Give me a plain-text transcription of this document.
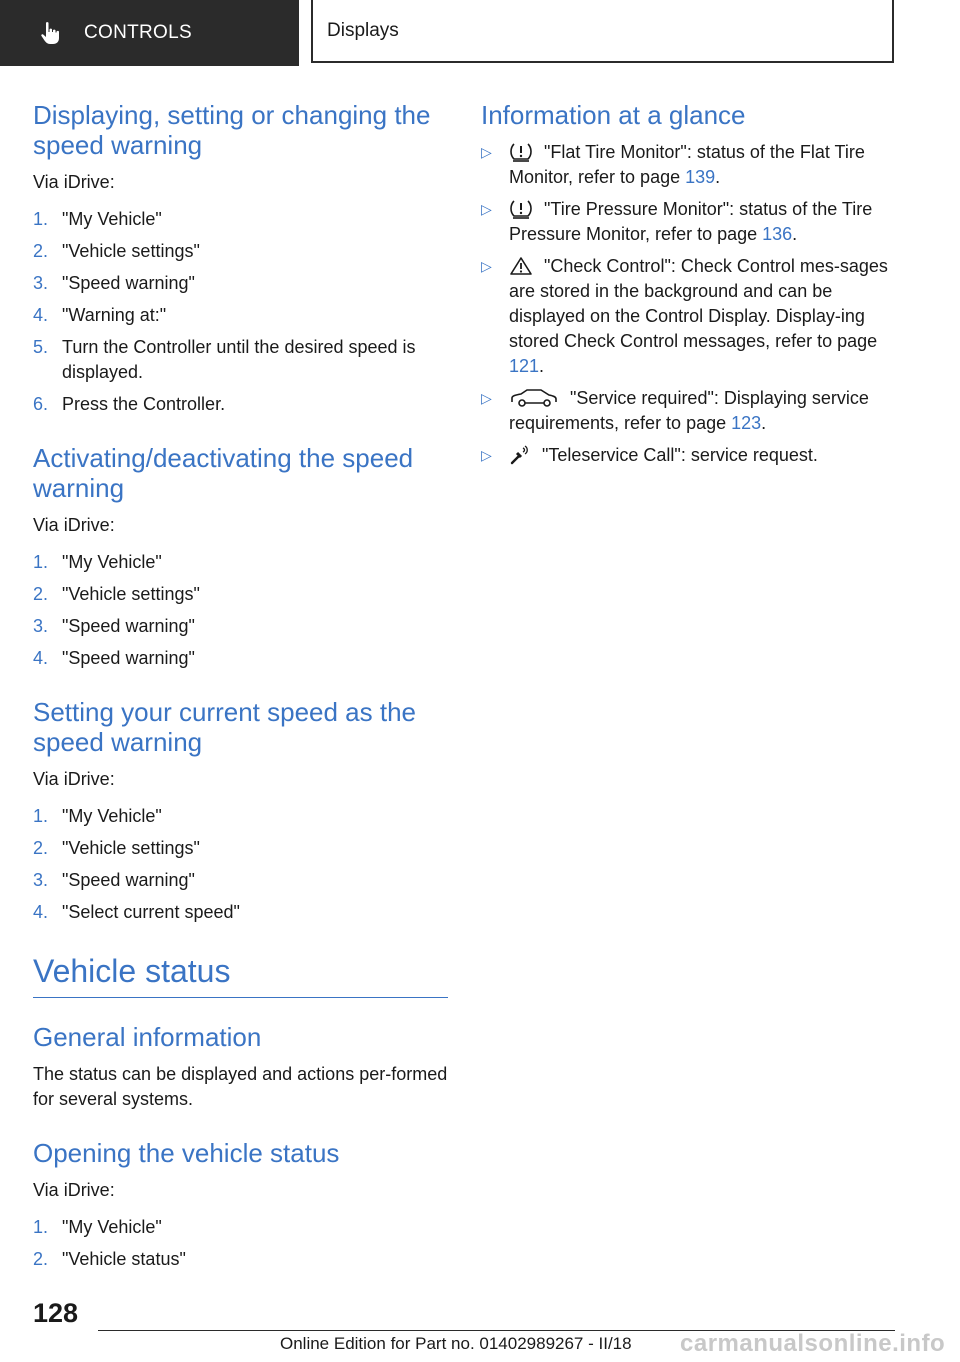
CONTROLS	Displays
Displaying, setting or changing the speed warning

Via iDrive:

1. "My Vehicle"
2. "Vehicle settings"
3. "Speed warning"
4. "Warning at:"
5. Turn the Controller until the desired speed is displayed.
6. Press the Controller.
Activating/deactivating the speed warning

Via iDrive:

1. "My Vehicle"
2. "Vehicle settings"
3. "Speed warning"
4. "Speed warning"
Setting your current speed as the speed warning

Via iDrive:

1. "My Vehicle"
2. "Vehicle settings"
3. "Speed warning"
4. "Select current speed"
Vehicle status
General information

The status can be displayed and actions per-formed for several systems.

Opening the vehicle status

Via iDrive:

1. "My Vehicle"
2. "Vehicle status"
Information at a glance
▷	"Flat Tire Monitor": status of the Flat Tire Monitor, refer to page 139.
▷	"Tire Pressure Monitor": status of the Tire Pressure Monitor, refer to page 136.
▷	"Check Control": Check Control mes-sages are stored in the background and can be displayed on the Control Display. Display-ing stored Check Control messages, refer to page 121.
▷	"Service required": Displaying service requirements, refer to page 123.
▷	"Teleservice Call": service request.
128
Online Edition for Part no. 01402989267 - II/18 carmanualsonline.info
